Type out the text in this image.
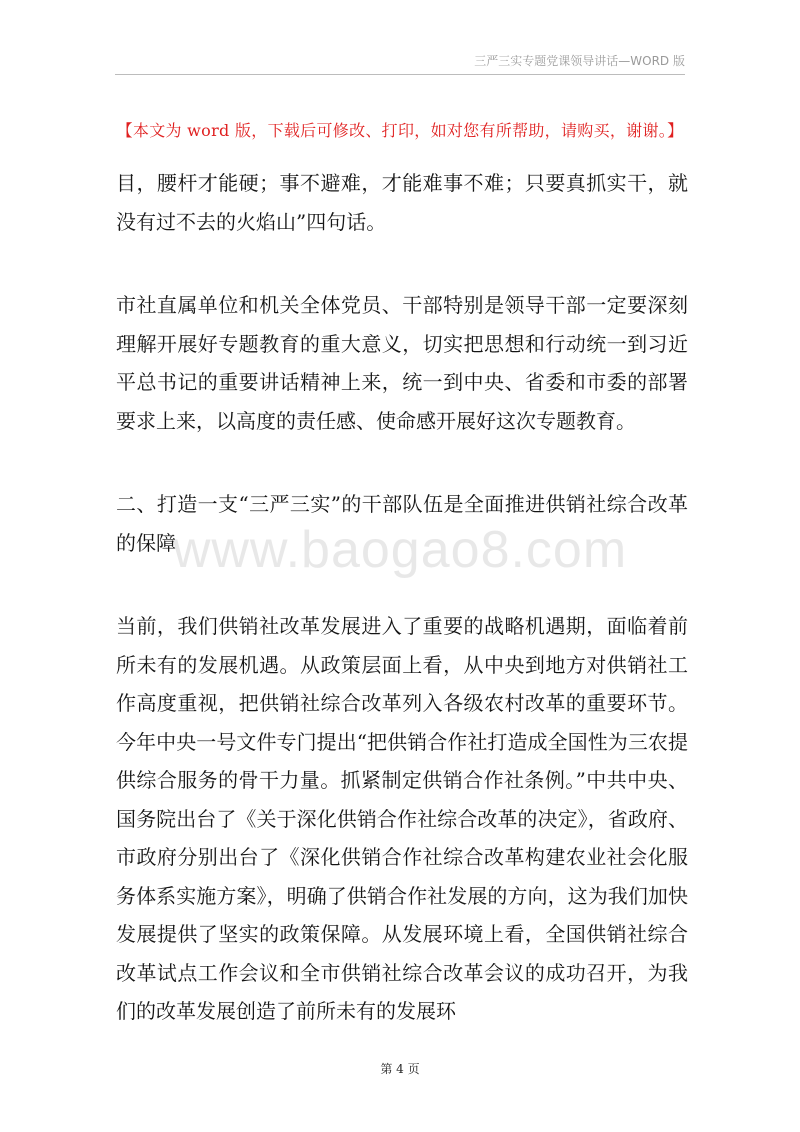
三严三实专题党课领导讲话—WORD 版
【本文为 word 版，下载后可修改、打印，如对您有所帮助，请购买，谢谢。】

目，腰杆才能硬；事不避难，才能难事不难；只要真抓实干，就没有过不去的火焰山”四句话。

市社直属单位和机关全体党员、干部特别是领导干部一定要深刻理解开展好专题教育的重大意义，切实把思想和行动统一到习近平总书记的重要讲话精神上来，统一到中央、省委和市委的部署要求上来，以高度的责任感、使命感开展好这次专题教育。

二、打造一支“三严三实”的干部队伍是全面推进供销社综合改革的保障

当前，我们供销社改革发展进入了重要的战略机遇期，面临着前所未有的发展机遇。从政策层面上看，从中央到地方对供销社工作高度重视，把供销社综合改革列入各级农村改革的重要环节。今年中央一号文件专门提出“把供销合作社打造成全国性为三农提供综合服务的骨干力量。抓紧制定供销合作社条例。”中共中央、国务院出台了《关于深化供销合作社综合改革的决定》，省政府、市政府分别出台了《深化供销合作社综合改革构建农业社会化服务体系实施方案》，明确了供销合作社发展的方向，这为我们加快发展提供了坚实的政策保障。从发展环境上看，全国供销社综合改革试点工作会议和全市供销社综合改革会议的成功召开，为我们的改革发展创造了前所未有的发展环

www.baogao8.com
第 4 页
